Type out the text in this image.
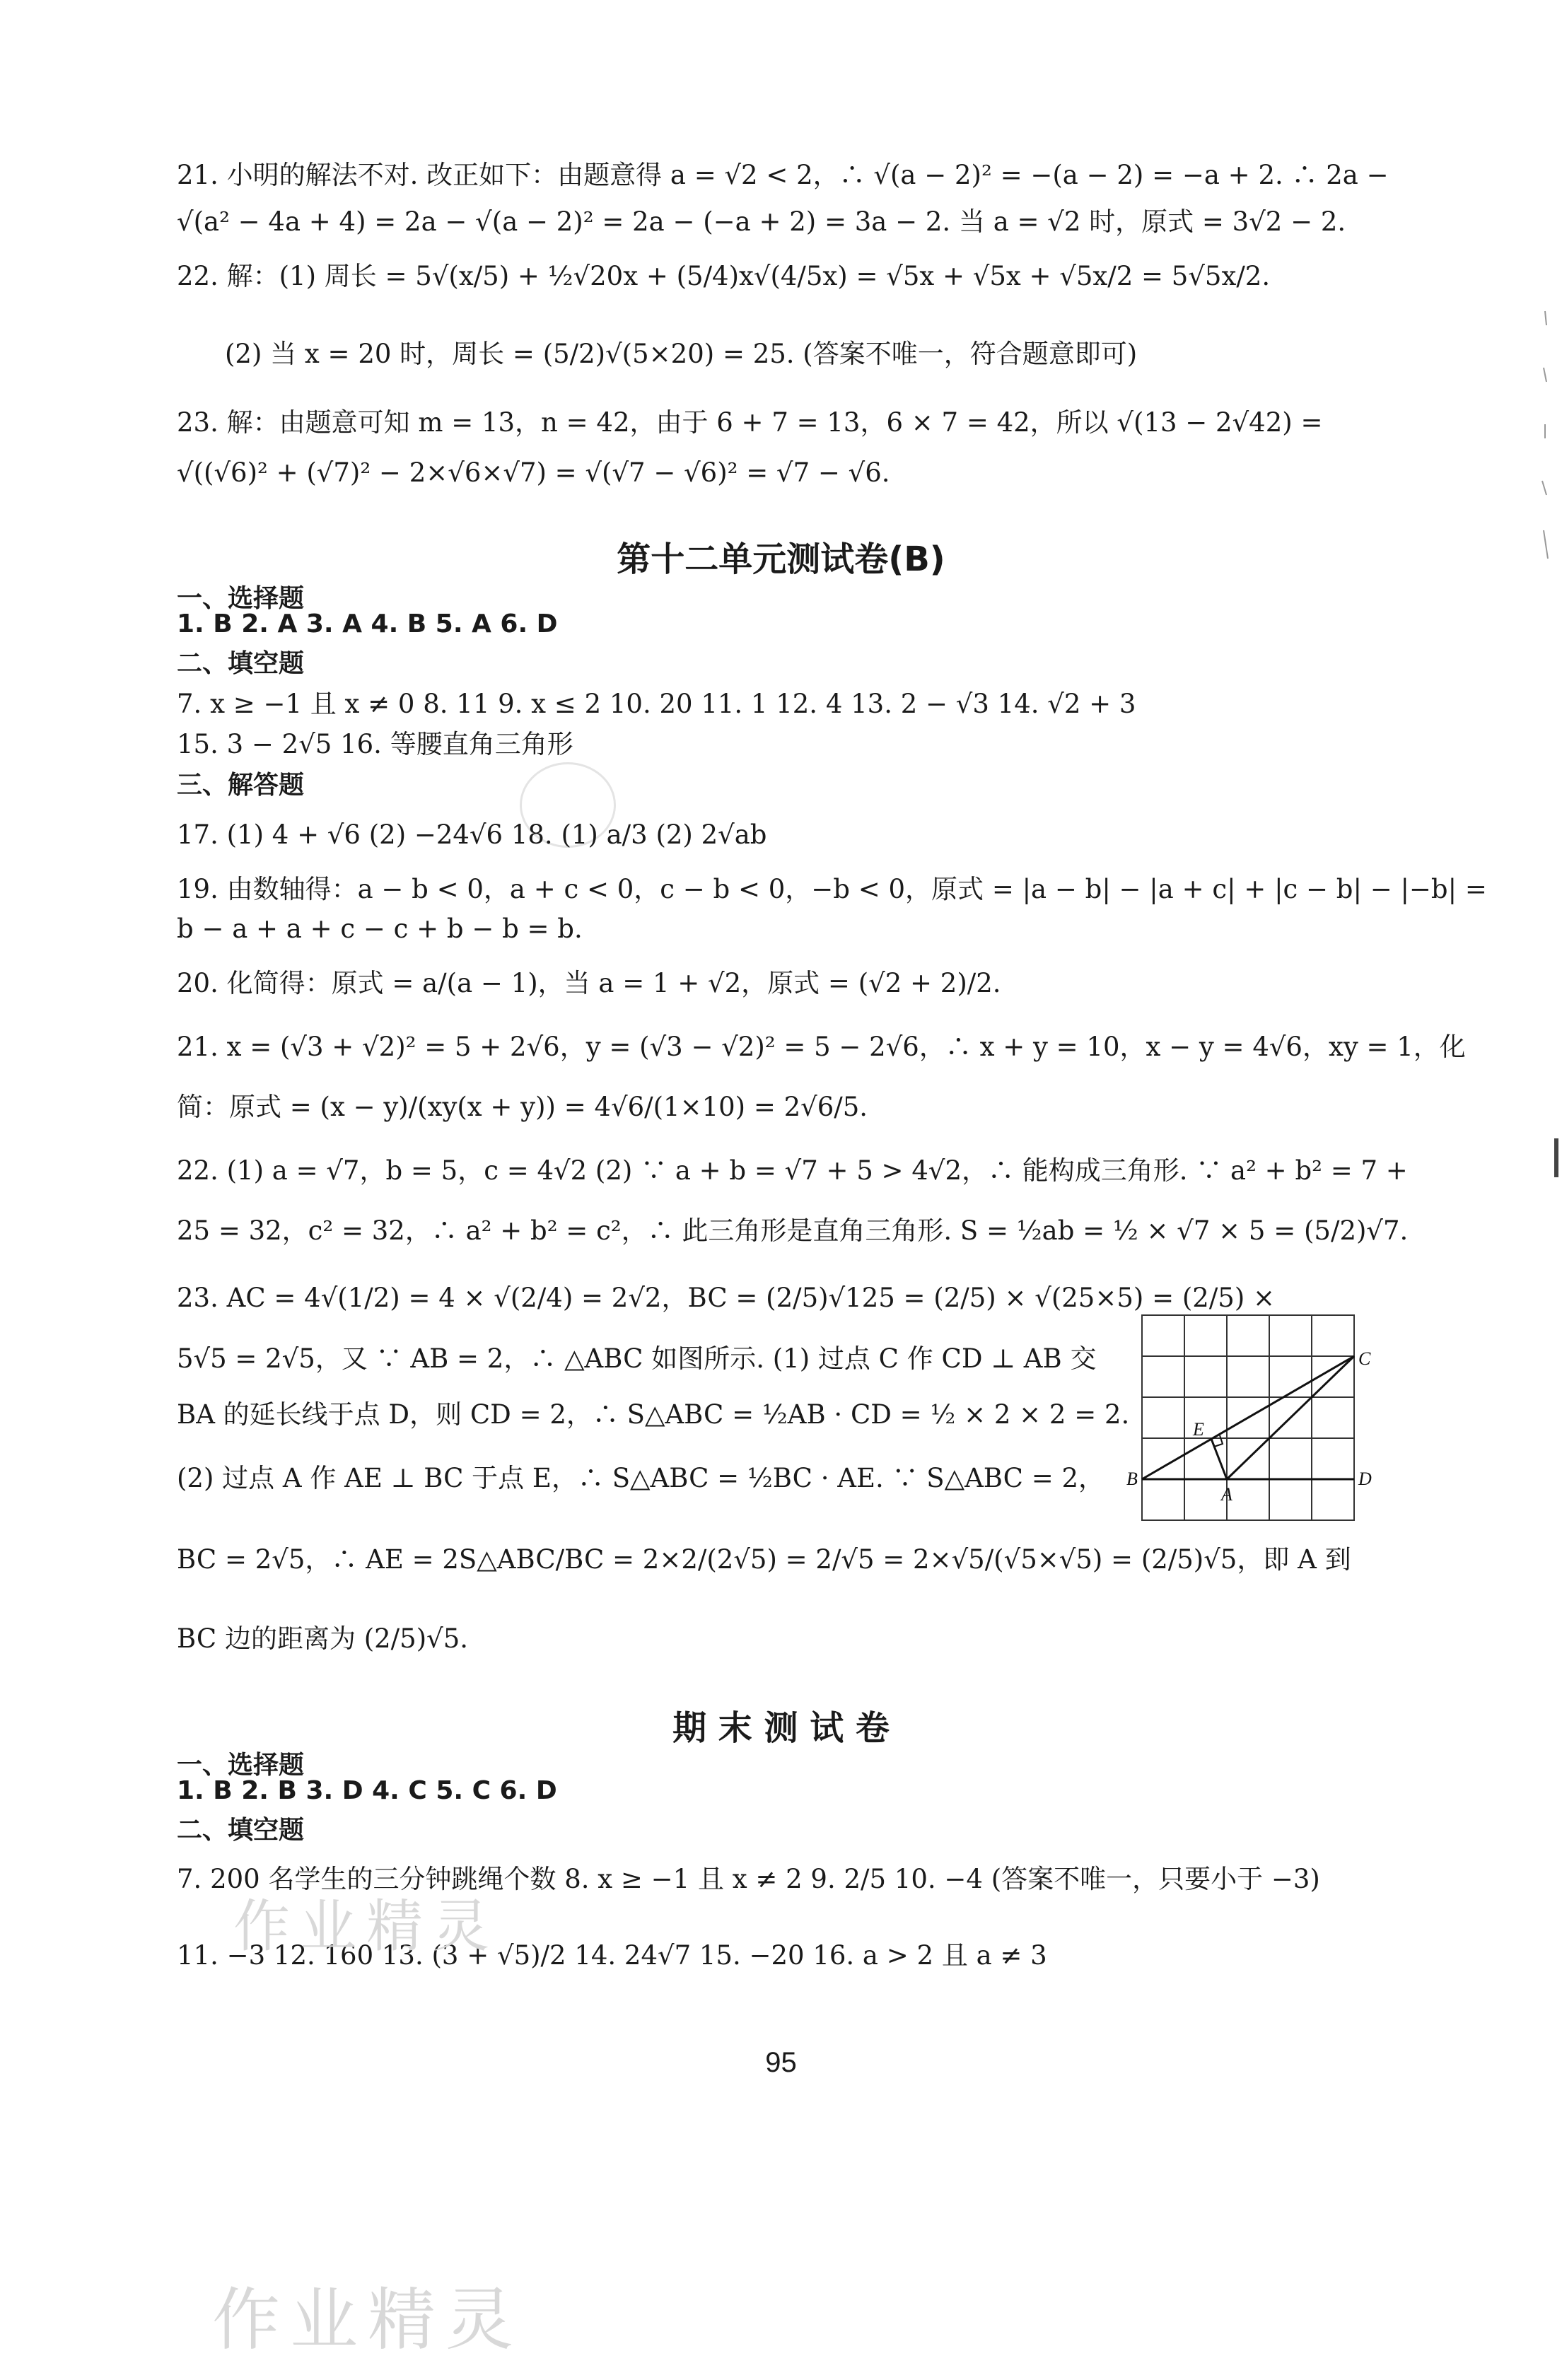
21. 小明的解法不对. 改正如下：由题意得 a = √2 < 2，∴ √(a − 2)² = −(a − 2) = −a + 2. ∴ 2a −
√(a² − 4a + 4) = 2a − √(a − 2)² = 2a − (−a + 2) = 3a − 2. 当 a = √2 时，原式 = 3√2 − 2.
22. 解：(1) 周长 = 5√(x/5) + ½√20x + (5/4)x√(4/5x) = √5x + √5x + √5x/2 = 5√5x/2.
(2) 当 x = 20 时，周长 = (5/2)√(5×20) = 25. (答案不唯一，符合题意即可)
23. 解：由题意可知 m = 13，n = 42，由于 6 + 7 = 13，6 × 7 = 42，所以 √(13 − 2√42) =
√((√6)² + (√7)² − 2×√6×√7) = √(√7 − √6)² = √7 − √6.
第十二单元测试卷(B)
一、选择题
1. B 2. A 3. A 4. B 5. A 6. D
二、填空题
7. x ≥ −1 且 x ≠ 0 8. 11 9. x ≤ 2 10. 20 11. 1 12. 4 13. 2 − √3 14. √2 + 3
15. 3 − 2√5 16. 等腰直角三角形
三、解答题
17. (1) 4 + √6 (2) −24√6 18. (1) a/3 (2) 2√ab
19. 由数轴得：a − b < 0，a + c < 0，c − b < 0，−b < 0，原式 = |a − b| − |a + c| + |c − b| − |−b| =
b − a + a + c − c + b − b = b.
20. 化简得：原式 = a/(a − 1)，当 a = 1 + √2，原式 = (√2 + 2)/2.
21. x = (√3 + √2)² = 5 + 2√6，y = (√3 − √2)² = 5 − 2√6，∴ x + y = 10，x − y = 4√6，xy = 1，化
简：原式 = (x − y)/(xy(x + y)) = 4√6/(1×10) = 2√6/5.
22. (1) a = √7，b = 5，c = 4√2 (2) ∵ a + b = √7 + 5 > 4√2，∴ 能构成三角形. ∵ a² + b² = 7 +
25 = 32，c² = 32，∴ a² + b² = c²，∴ 此三角形是直角三角形. S = ½ab = ½ × √7 × 5 = (5/2)√7.
23. AC = 4√(1/2) = 4 × √(2/4) = 2√2，BC = (2/5)√125 = (2/5) × √(25×5) = (2/5) ×
5√5 = 2√5，又 ∵ AB = 2，∴ △ABC 如图所示. (1) 过点 C 作 CD ⊥ AB 交
BA 的延长线于点 D，则 CD = 2，∴ S△ABC = ½AB · CD = ½ × 2 × 2 = 2.
(2) 过点 A 作 AE ⊥ BC 于点 E，∴ S△ABC = ½BC · AE. ∵ S△ABC = 2，
BC = 2√5，∴ AE = 2S△ABC/BC = 2×2/(2√5) = 2/√5 = 2×√5/(√5×√5) = (2/5)√5，即 A 到
BC 边的距离为 (2/5)√5.
B
C
D
A
E
期 末 测 试 卷
一、选择题
1. B 2. B 3. D 4. C 5. C 6. D
二、填空题
7. 200 名学生的三分钟跳绳个数 8. x ≥ −1 且 x ≠ 2 9. 2/5 10. −4 (答案不唯一，只要小于 −3)
11. −3 12. 160 13. (3 + √5)/2 14. 24√7 15. −20 16. a > 2 且 a ≠ 3
作业精灵
95
作业精灵
